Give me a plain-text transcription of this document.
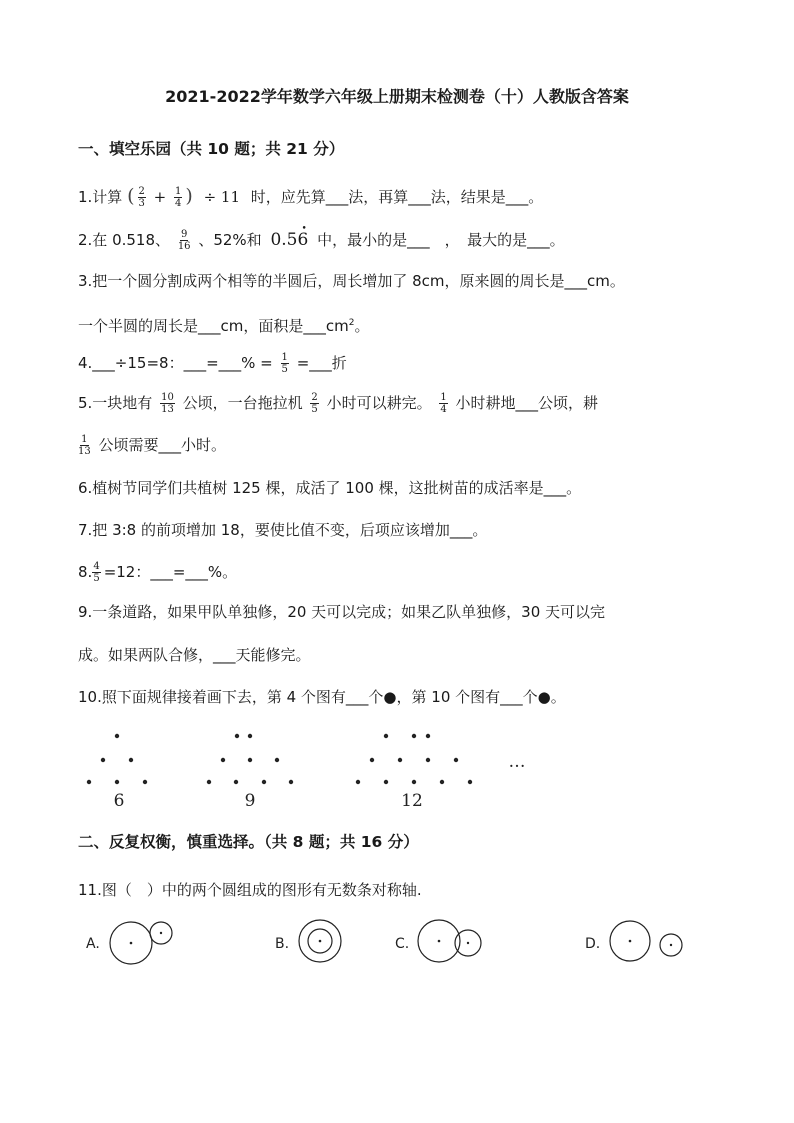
2021-2022学年数学六年级上册期末检测卷（十）人教版含答案
一、填空乐园（共 10 题；共 21 分）
1.计算 ( $\frac{2}{3} + \frac{1}{4}$ ) ÷ 11 时，应先算___法，再算___法，结果是___。
2.在 0.518、 $\frac{9}{16}$ 、52%和 0.5• 6 中，最小的是___　，　最大的是___。
3.把一个圆分割成两个相等的半圆后，周长增加了 8cm，原来圆的周长是___cm。
一个半圆的周长是___cm，面积是$\_\_\_cm^2$。
4.___÷15=8：___=___% = $\frac{1}{5}$ =___折
5.一块地有 $\frac{10}{13}$ 公顷，一台拖拉机 $\frac{2}{5}$ 小时可以耕完。 $\frac{1}{4}$ 小时耕地___公顷，耕
$\frac{1}{13}$ 公顷需要___小时。
6.植树节同学们共植树 125 棵，成活了 100 棵，这批树苗的成活率是___。
7.把 3:8 的前项增加 18，要使比值不变，后项应该增加___。
8. $\frac{4}{5} =12$：___=___%。
9.一条道路，如果甲队单独修，20 天可以完成；如果乙队单独修，30 天可以完
成。如果两队合修，___天能修完。
10.照下面规律接着画下去，第 4 个图有___个●，第 10 个图有___个●。
6	9	12
…
二、反复权衡，慎重选择。（共 8 题；共 16 分）
11.图（　）中的两个圆组成的图形有无数条对称轴.
A.	B.	C.	D.
